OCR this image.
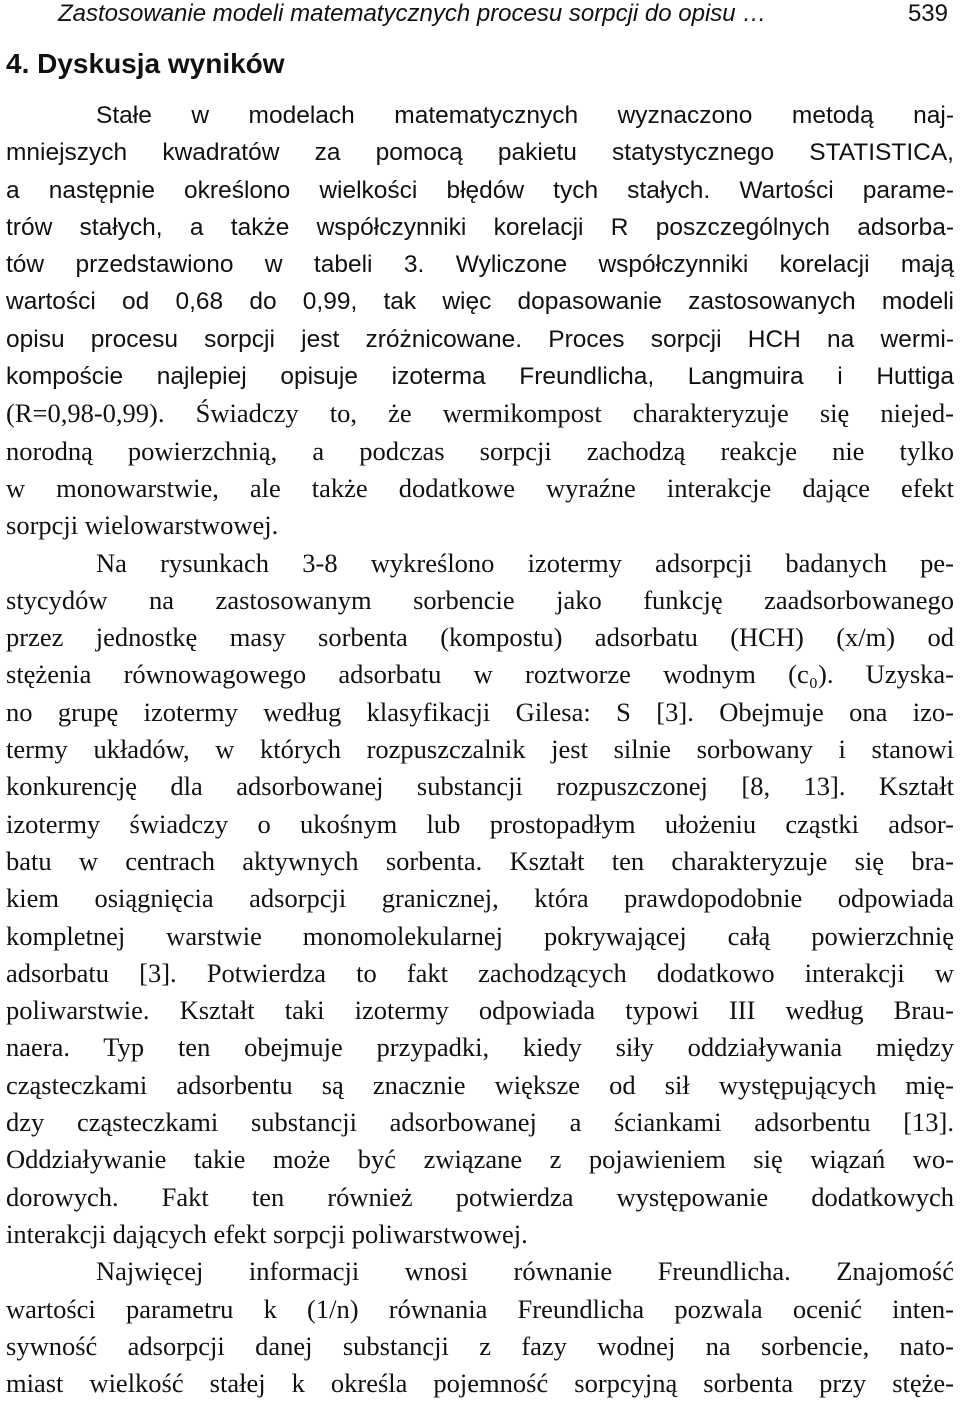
Zastosowanie modeli matematycznych procesu sorpcji do opisu …	539
4. Dyskusja wyników
Stałe w modelach matematycznych wyznaczono metodą naj-
mniejszych kwadratów za pomocą pakietu statystycznego STATISTICA,
a następnie określono wielkości błędów tych stałych. Wartości parame-
trów stałych, a także współczynniki korelacji R poszczególnych adsorba-
tów przedstawiono w tabeli 3. Wyliczone współczynniki korelacji mają
wartości od 0,68 do 0,99, tak więc dopasowanie zastosowanych modeli
opisu procesu sorpcji jest zróżnicowane. Proces sorpcji HCH na wermi-
kompoście najlepiej opisuje izoterma Freundlicha, Langmuira i Huttiga
(R=0,98-0,99). Świadczy to, że wermikompost charakteryzuje się niejed-
norodną powierzchnią, a podczas sorpcji zachodzą reakcje nie tylko
w monowarstwie, ale także dodatkowe wyraźne interakcje dające efekt
sorpcji wielowarstwowej.
Na rysunkach 3-8 wykreślono izotermy adsorpcji badanych pe-
stycydów na zastosowanym sorbencie jako funkcję zaadsorbowanego
przez jednostkę masy sorbenta (kompostu) adsorbatu (HCH) (x/m) od
stężenia równowagowego adsorbatu w roztworze wodnym (c₀). Uzyska-
no grupę izotermy według klasyfikacji Gilesa: S [3]. Obejmuje ona izo-
termy układów, w których rozpuszczalnik jest silnie sorbowany i stanowi
konkurencję dla adsorbowanej substancji rozpuszczonej [8, 13]. Kształt
izotermy świadczy o ukośnym lub prostopadłym ułożeniu cząstki adsor-
batu w centrach aktywnych sorbenta. Kształt ten charakteryzuje się bra-
kiem osiągnięcia adsorpcji granicznej, która prawdopodobnie odpowiada
kompletnej warstwie monomolekularnej pokrywającej całą powierzchnię
adsorbatu [3]. Potwierdza to fakt zachodzących dodatkowo interakcji w
poliwarstwie. Kształt taki izotermy odpowiada typowi III według Brau-
naera. Typ ten obejmuje przypadki, kiedy siły oddziaływania między
cząsteczkami adsorbentu są znacznie większe od sił występujących mię-
dzy cząsteczkami substancji adsorbowanej a ściankami adsorbentu [13].
Oddziaływanie takie może być związane z pojawieniem się wiązań wo-
dorowych. Fakt ten również potwierdza występowanie dodatkowych
interakcji dających efekt sorpcji poliwarstwowej.
Najwięcej informacji wnosi równanie Freundlicha. Znajomość
wartości parametru k (1/n) równania Freundlicha pozwala ocenić inten-
sywność adsorpcji danej substancji z fazy wodnej na sorbencie, nato-
miast wielkość stałej k określa pojemność sorpcyjną sorbenta przy stęże-
